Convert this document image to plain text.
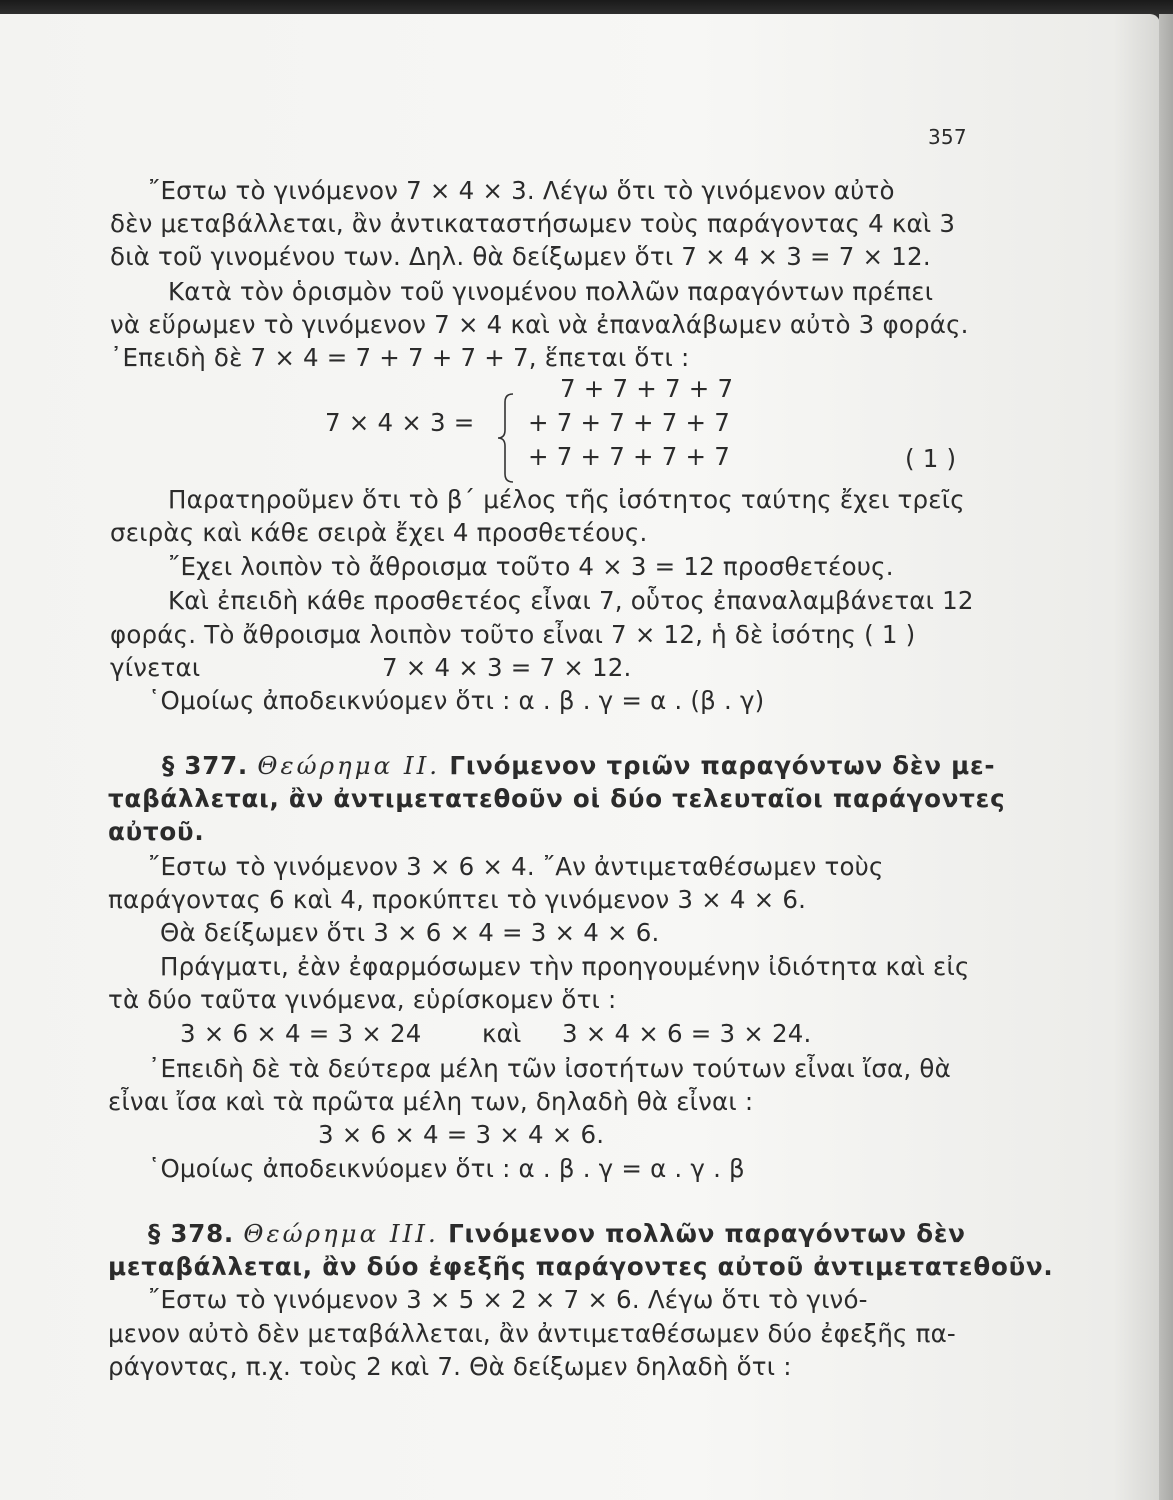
357
῎Εστω τὸ γινόμενον 7 × 4 × 3. Λέγω ὅτι τὸ γινόμενον αὐτὸ
δὲν μεταβάλλεται, ἂν ἀντικαταστήσωμεν τοὺς παράγοντας 4 καὶ 3
διὰ τοῦ γινομένου των. Δηλ. θὰ δείξωμεν ὅτι 7 × 4 × 3 = 7 × 12.
Κατὰ τὸν ὁρισμὸν τοῦ γινομένου πολλῶν παραγόντων πρέπει
νὰ εὕρωμεν τὸ γινόμενον 7 × 4 καὶ νὰ ἐπαναλάβωμεν αὐτὸ 3 φοράς.
᾿Επειδὴ δὲ 7 × 4 = 7 + 7 + 7 + 7, ἕπεται ὅτι :
7 × 4 × 3 =
7 + 7 + 7 + 7
+ 7 + 7 + 7 + 7
+ 7 + 7 + 7 + 7	( 1 )
Παρατηροῦμεν ὅτι τὸ β΄ μέλος τῆς ἰσότητος ταύτης ἔχει τρεῖς
σειρὰς καὶ κάθε σειρὰ ἔχει 4 προσθετέους.
῎Εχει λοιπὸν τὸ ἄθροισμα τοῦτο 4 × 3 = 12 προσθετέους.
Καὶ ἐπειδὴ κάθε προσθετέος εἶναι 7, οὗτος ἐπαναλαμβάνεται 12
φοράς. Τὸ ἄθροισμα λοιπὸν τοῦτο εἶναι 7 × 12, ἡ δὲ ἰσότης ( 1 )
γίνεται	7 × 4 × 3 = 7 × 12.
῾Ομοίως ἀποδεικνύομεν ὅτι : α . β . γ = α . (β . γ)
§ 377. Θεώρημα II. Γινόμενον τριῶν παραγόντων δὲν με-
ταβάλλεται, ἂν ἀντιμετατεθοῦν οἱ δύο τελευταῖοι παράγοντες
αὐτοῦ.
῎Εστω τὸ γινόμενον 3 × 6 × 4. ῎Αν ἀντιμεταθέσωμεν τοὺς
παράγοντας 6 καὶ 4, προκύπτει τὸ γινόμενον 3 × 4 × 6.
Θὰ δείξωμεν ὅτι 3 × 6 × 4 = 3 × 4 × 6.
Πράγματι, ἐὰν ἐφαρμόσωμεν τὴν προηγουμένην ἰδιότητα καὶ εἰς
τὰ δύο ταῦτα γινόμενα, εὑρίσκομεν ὅτι :
3 × 6 × 4 = 3 × 24 καὶ 3 × 4 × 6 = 3 × 24.
᾿Επειδὴ δὲ τὰ δεύτερα μέλη τῶν ἰσοτήτων τούτων εἶναι ἴσα, θὰ
εἶναι ἴσα καὶ τὰ πρῶτα μέλη των, δηλαδὴ θὰ εἶναι :
3 × 6 × 4 = 3 × 4 × 6.
῾Ομοίως ἀποδεικνύομεν ὅτι : α . β . γ = α . γ . β
§ 378. Θεώρημα III. Γινόμενον πολλῶν παραγόντων δὲν
μεταβάλλεται, ἂν δύο ἐφεξῆς παράγοντες αὐτοῦ ἀντιμετατεθοῦν.
῎Εστω τὸ γινόμενον 3 × 5 × 2 × 7 × 6. Λέγω ὅτι τὸ γινό-
μενον αὐτὸ δὲν μεταβάλλεται, ἂν ἀντιμεταθέσωμεν δύο ἐφεξῆς πα-
ράγοντας, π.χ. τοὺς 2 καὶ 7. Θὰ δείξωμεν δηλαδὴ ὅτι :
